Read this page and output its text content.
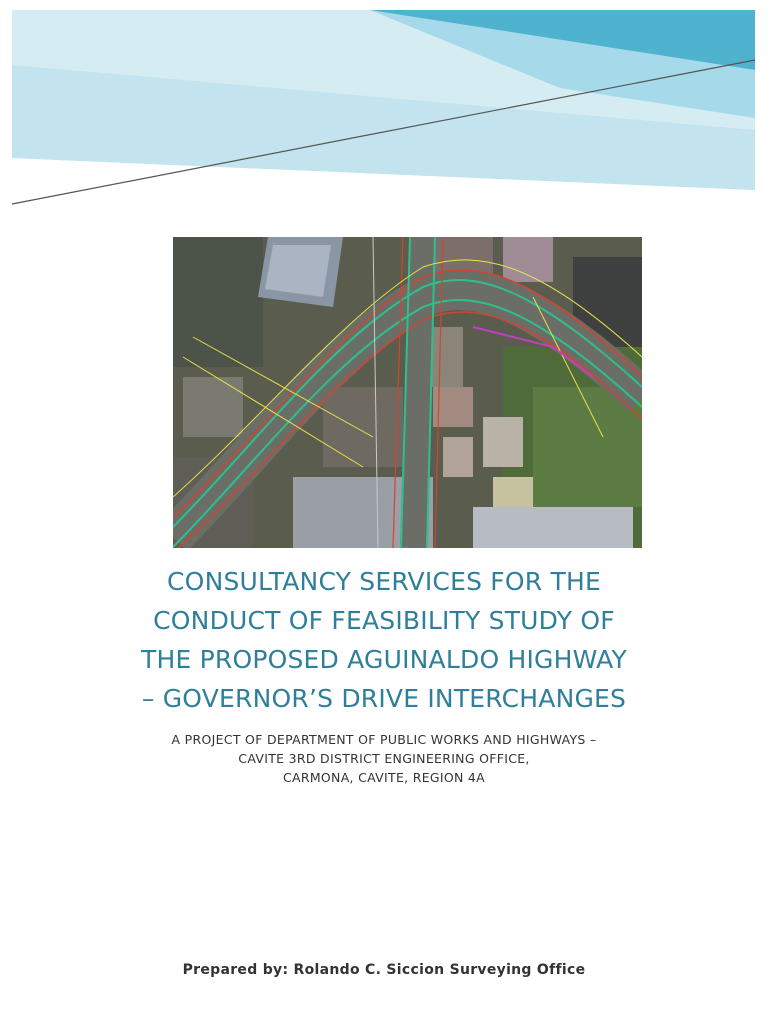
CONSULTANCY SERVICES FOR THE
CONDUCT OF FEASIBILITY STUDY OF
THE PROPOSED AGUINALDO HIGHWAY
– GOVERNOR’S DRIVE INTERCHANGES
A PROJECT OF DEPARTMENT OF PUBLIC WORKS AND HIGHWAYS –
CAVITE 3RD DISTRICT ENGINEERING OFFICE,
CARMONA, CAVITE, REGION 4A
Prepared by: Rolando C. Siccion Surveying Office
